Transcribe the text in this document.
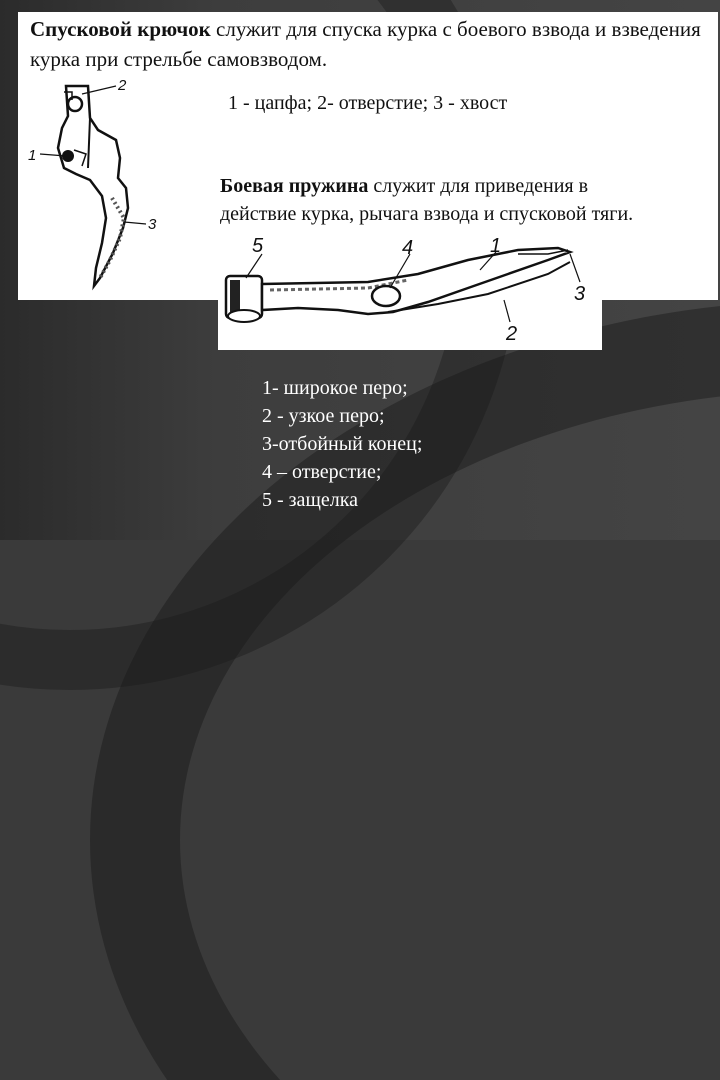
Спусковой крючок служит для спуска курка с боевого взвода и взведения курка при стрельбе самовзводом.
2
1
3
1 - цапфа; 2- отверстие; 3 - хвост
Боевая пружина служит для приведения в
действие курка, рычага взвода и спусковой тяги.
5	4	1
3
2
1- широкое перо;
2 - узкое перо;
3-отбойный конец;
4 – отверстие;
5 - защелка
